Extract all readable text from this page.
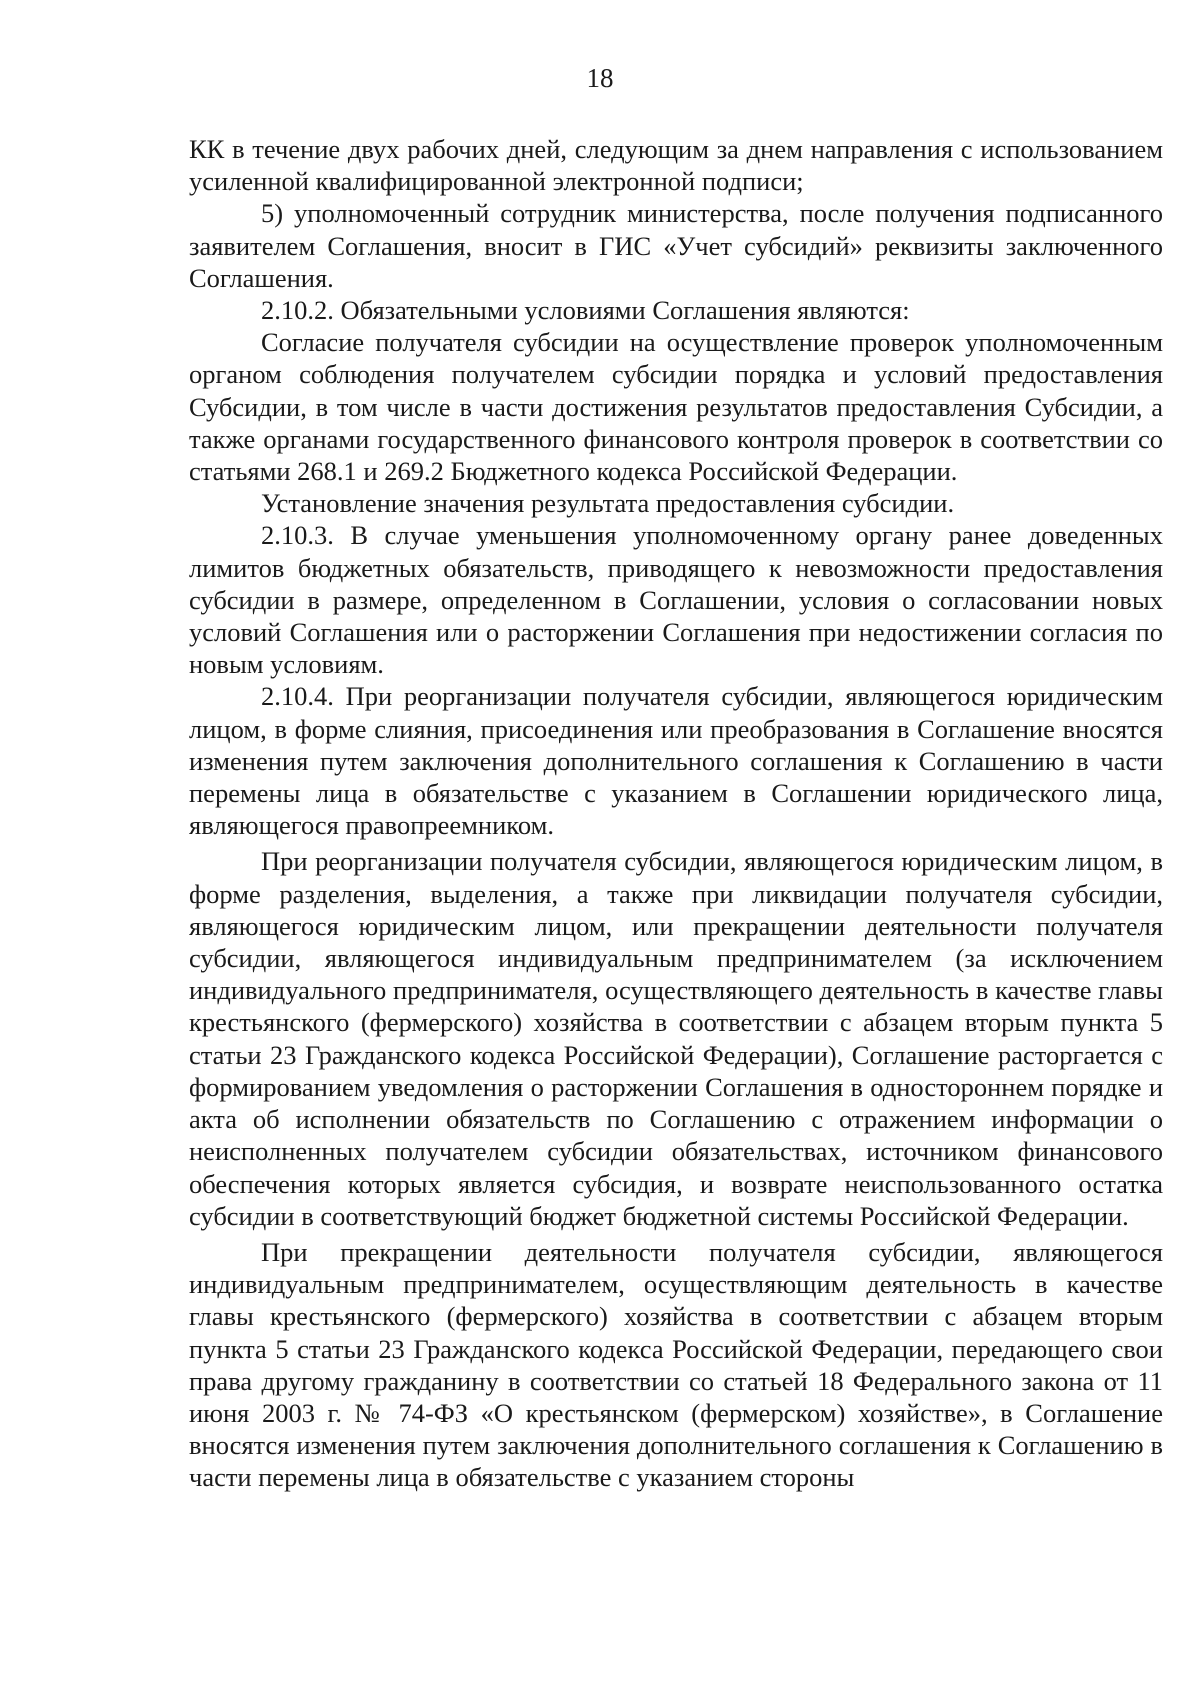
18

КК в течение двух рабочих дней, следующим за днем направления с использованием усиленной квалифицированной электронной подписи;

5) уполномоченный сотрудник министерства, после получения подписанного заявителем Соглашения, вносит в ГИС «Учет субсидий» реквизиты заключенного Соглашения.

2.10.2. Обязательными условиями Соглашения являются:

Согласие получателя субсидии на осуществление проверок уполномоченным органом соблюдения получателем субсидии порядка и условий предоставления Субсидии, в том числе в части достижения результатов предоставления Субсидии, а также органами государственного финансового контроля проверок в соответствии со статьями 268.1 и 269.2 Бюджетного кодекса Российской Федерации.

Установление значения результата предоставления субсидии.

2.10.3. В случае уменьшения уполномоченному органу ранее доведенных лимитов бюджетных обязательств, приводящего к невозможности предоставления субсидии в размере, определенном в Соглашении, условия о согласовании новых условий Соглашения или о расторжении Соглашения при недостижении согласия по новым условиям.

2.10.4. При реорганизации получателя субсидии, являющегося юридическим лицом, в форме слияния, присоединения или преобразования в Соглашение вносятся изменения путем заключения дополнительного соглашения к Соглашению в части перемены лица в обязательстве с указанием в Соглашении юридического лица, являющегося правопреемником.

При реорганизации получателя субсидии, являющегося юридическим лицом, в форме разделения, выделения, а также при ликвидации получателя субсидии, являющегося юридическим лицом, или прекращении деятельности получателя субсидии, являющегося индивидуальным предпринимателем (за исключением индивидуального предпринимателя, осуществляющего деятельность в качестве главы крестьянского (фермерского) хозяйства в соответствии с абзацем вторым пункта 5 статьи 23 Гражданского кодекса Российской Федерации), Соглашение расторгается с формированием уведомления о расторжении Соглашения в одностороннем порядке и акта об исполнении обязательств по Соглашению с отражением информации о неисполненных получателем субсидии обязательствах, источником финансового обеспечения которых является субсидия, и возврате неиспользованного остатка субсидии в соответствующий бюджет бюджетной системы Российской Федерации.

При прекращении деятельности получателя субсидии, являющегося индивидуальным предпринимателем, осуществляющим деятельность в качестве главы крестьянского (фермерского) хозяйства в соответствии с абзацем вторым пункта 5 статьи 23 Гражданского кодекса Российской Федерации, передающего свои права другому гражданину в соответствии со статьей 18 Федерального закона от 11 июня 2003 г. № 74-ФЗ «О крестьянском (фермерском) хозяйстве», в Соглашение вносятся изменения путем заключения дополнительного соглашения к Соглашению в части перемены лица в обязательстве с указанием стороны
